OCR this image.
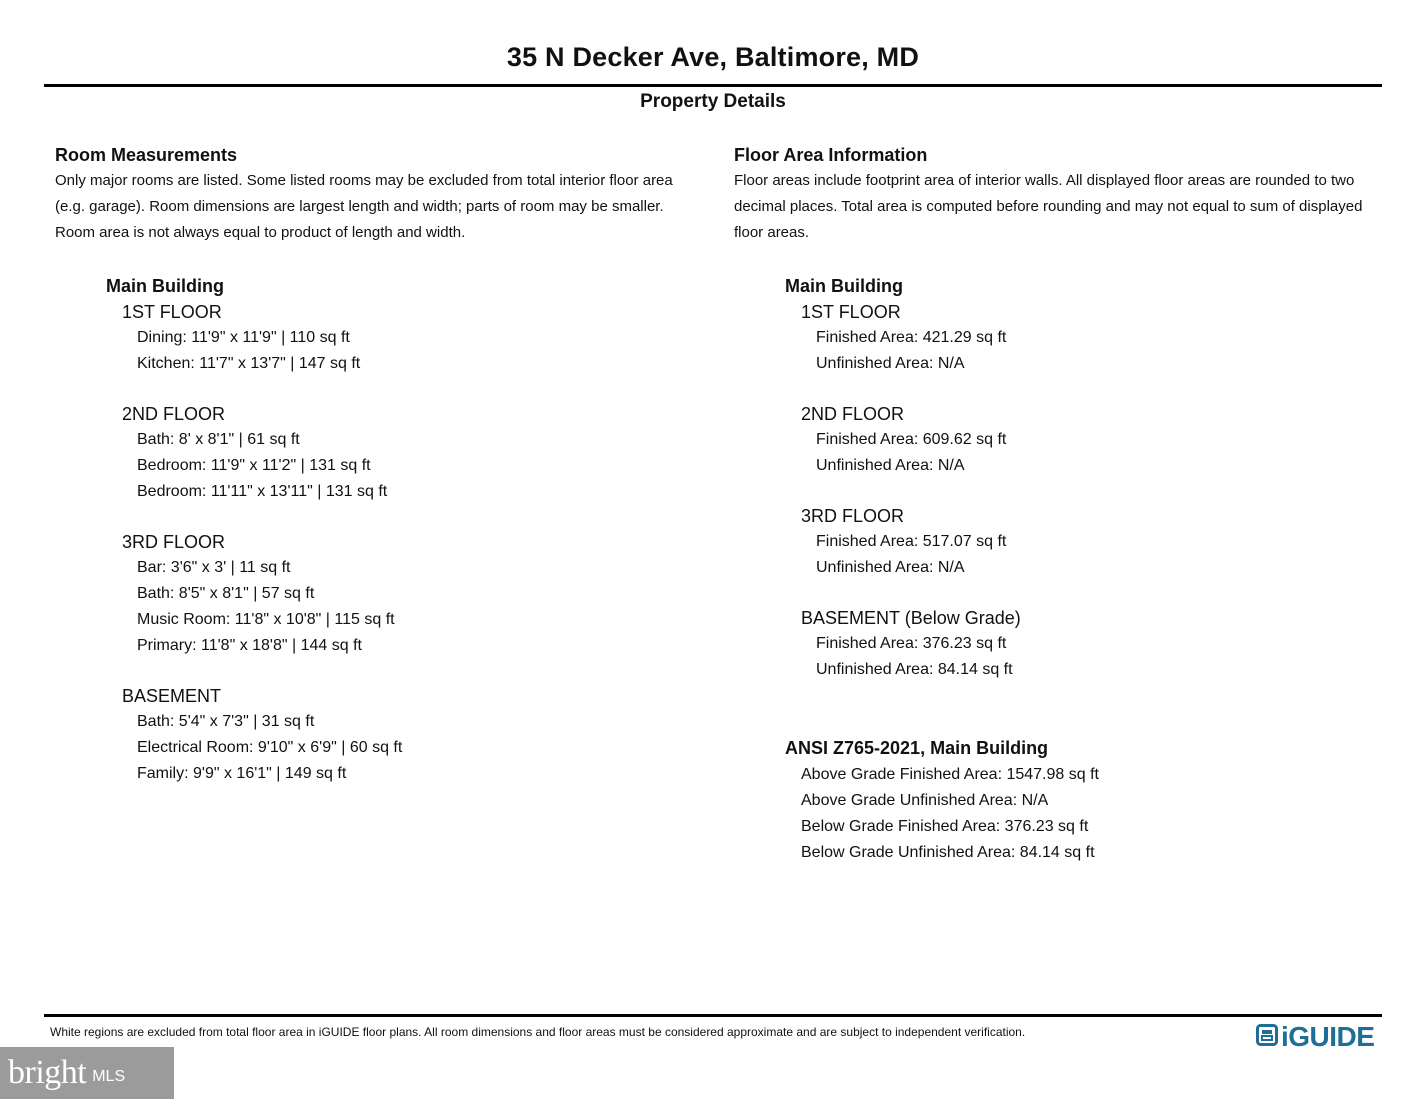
35 N Decker Ave, Baltimore, MD
Property Details
Room Measurements
Only major rooms are listed. Some listed rooms may be excluded from total interior floor area
(e.g. garage). Room dimensions are largest length and width; parts of room may be smaller.
Room area is not always equal to product of length and width.
Main Building
1ST FLOOR
Dining: 11'9" x 11'9" | 110 sq ft
Kitchen: 11'7" x 13'7" | 147 sq ft
2ND FLOOR
Bath: 8' x 8'1" | 61 sq ft
Bedroom: 11'9" x 11'2" | 131 sq ft
Bedroom: 11'11" x 13'11" | 131 sq ft
3RD FLOOR
Bar: 3'6" x 3' | 11 sq ft
Bath: 8'5" x 8'1" | 57 sq ft
Music Room: 11'8" x 10'8" | 115 sq ft
Primary: 11'8" x 18'8" | 144 sq ft
BASEMENT
Bath: 5'4" x 7'3" | 31 sq ft
Electrical Room: 9'10" x 6'9" | 60 sq ft
Family: 9'9" x 16'1" | 149 sq ft
Floor Area Information
Floor areas include footprint area of interior walls. All displayed floor areas are rounded to two
decimal places. Total area is computed before rounding and may not equal to sum of displayed
floor areas.
Main Building
1ST FLOOR
Finished Area: 421.29 sq ft
Unfinished Area: N/A
2ND FLOOR
Finished Area: 609.62 sq ft
Unfinished Area: N/A
3RD FLOOR
Finished Area: 517.07 sq ft
Unfinished Area: N/A
BASEMENT (Below Grade)
Finished Area: 376.23 sq ft
Unfinished Area: 84.14 sq ft
ANSI Z765-2021, Main Building
Above Grade Finished Area: 1547.98 sq ft
Above Grade Unfinished Area: N/A
Below Grade Finished Area: 376.23 sq ft
Below Grade Unfinished Area: 84.14 sq ft
White regions are excluded from total floor area in iGUIDE floor plans. All room dimensions and floor areas must be considered approximate and are subject to independent verification.	iGUIDE
bright MLS
